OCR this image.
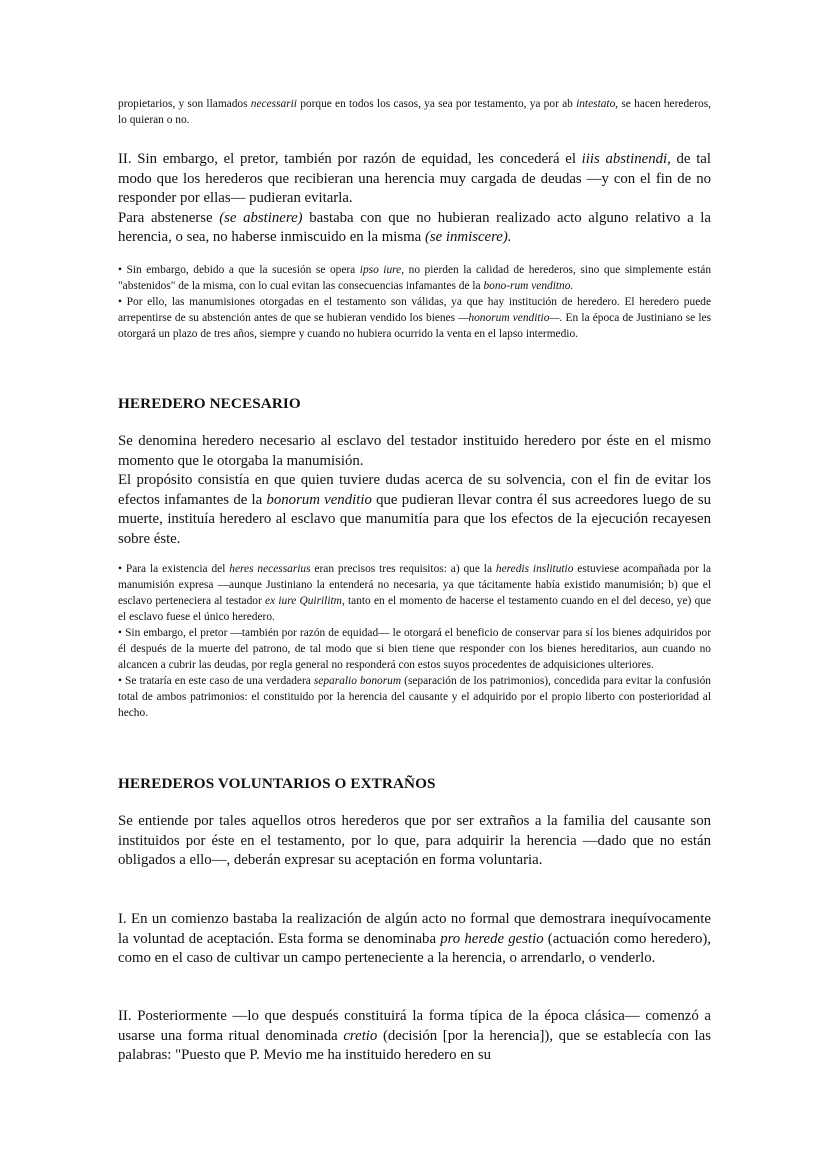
propietarios, y son llamados necessarii porque en todos los casos, ya sea por testamento, ya por ab intestato, se hacen herederos, lo quieran o no.

II. Sin embargo, el pretor, también por razón de equidad, les concederá el iiis abstinendi, de tal modo que los herederos que recibieran una herencia muy cargada de deudas —y con el fin de no responder por ellas— pudieran evitarla.
Para abstenerse (se abstinere) bastaba con que no hubieran realizado acto alguno relativo a la herencia, o sea, no haberse inmiscuido en la misma (se inmiscere).

• Sin embargo, debido a que la sucesión se opera ipso iure, no pierden la calidad de herederos, sino que simplemente están "abstenidos" de la misma, con lo cual evitan las consecuencias infamantes de la bono-rum venditno.
• Por ello, las manumisiones otorgadas en el testamento son válidas, ya que hay institución de heredero. El heredero puede arrepentirse de su abstención antes de que se hubieran vendido los bienes —honorum venditio—. En la época de Justiniano se les otorgará un plazo de tres años, siempre y cuando no hubiera ocurrido la venta en el lapso intermedio.

HEREDERO NECESARIO

Se denomina heredero necesario al esclavo del testador instituido heredero por éste en el mismo momento que le otorgaba la manumisión.
El propósito consistía en que quien tuviere dudas acerca de su solvencia, con el fin de evitar los efectos infamantes de la bonorum venditio que pudieran llevar contra él sus acreedores luego de su muerte, instituía heredero al esclavo que manumitía para que los efectos de la ejecución recayesen sobre éste.

• Para la existencia del heres necessarius eran precisos tres requisitos: a) que la heredis inslitutio estuviese acompañada por la manumisión expresa —aunque Justiniano la entenderá no necesaria, ya que tácitamente había existido manumisión; b) que el esclavo perteneciera al testador ex iure Quirilitm, tanto en el momento de hacerse el testamento cuando en el del deceso, ye) que el esclavo fuese el único heredero.
• Sin embargo, el pretor —también por razón de equidad— le otorgará el beneficio de conservar para sí los bienes adquiridos por él después de la muerte del patrono, de tal modo que si bien tiene que responder con los bienes hereditarios, aun cuando no alcancen a cubrir las deudas, por regla general no responderá con estos suyos procedentes de adquisiciones ulteriores.
• Se trataría en este caso de una verdadera separalio bonorum (separación de los patrimonios), concedida para evitar la confusión total de ambos patrimonios: el constituido por la herencia del causante y el adquirido por el propio liberto con posterioridad al hecho.

HEREDEROS VOLUNTARIOS O EXTRAÑOS

Se entiende por tales aquellos otros herederos que por ser extraños a la familia del causante son instituidos por éste en el testamento, por lo que, para adquirir la herencia —dado que no están obligados a ello—, deberán expresar su aceptación en forma voluntaria.

I. En un comienzo bastaba la realización de algún acto no formal que demostrara inequívocamente la voluntad de aceptación. Esta forma se denominaba pro herede gestio (actuación como heredero), como en el caso de cultivar un campo perteneciente a la herencia, o arrendarlo, o venderlo.

II. Posteriormente —lo que después constituirá la forma típica de la época clásica— comenzó a usarse una forma ritual denominada cretio (decisión [por la herencia]), que se establecía con las palabras: "Puesto que P. Mevio me ha instituido heredero en su
